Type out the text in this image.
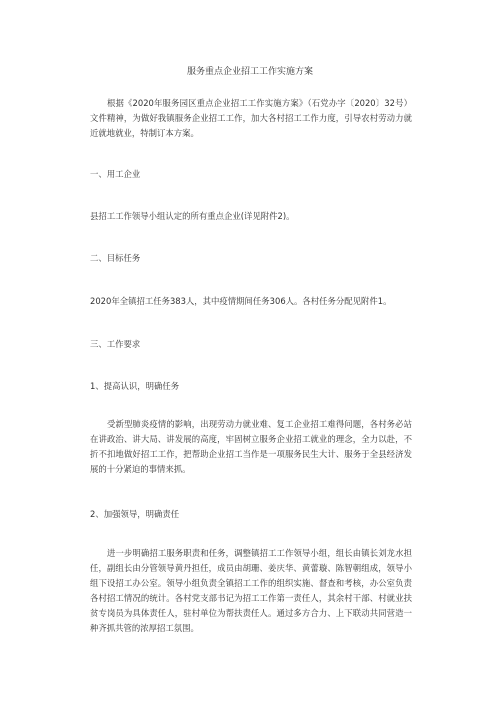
服务重点企业招工工作实施方案
根据《2020年服务园区重点企业招工工作实施方案》（石党办字〔2020〕32号）文件精神，为做好我镇服务企业招工工作，加大各村招工工作力度，引导农村劳动力就近就地就业，特制订本方案。
一、用工企业
县招工工作领导小组认定的所有重点企业(详见附件2)。
二、目标任务
2020年全镇招工任务383人，其中疫情期间任务306人。各村任务分配见附件1。
三、工作要求
1、提高认识，明确任务
受新型肺炎疫情的影响，出现劳动力就业难、复工企业招工难得问题，各村务必站在讲政治、讲大局、讲发展的高度，牢固树立服务企业招工就业的理念，全力以赴，不折不扣地做好招工工作，把帮助企业招工当作是一项服务民生大计、服务于全县经济发展的十分紧迫的事情来抓。
2、加强领导，明确责任
进一步明确招工服务职责和任务，调整镇招工工作领导小组，组长由镇长刘龙水担任，副组长由分管领导黄丹担任，成员由胡珊、姜庆华、黄蕾璇、陈智朝组成，领导小组下设招工办公室。领导小组负责全镇招工工作的组织实施、督查和考核，办公室负责各村招工情况的统计。各村党支部书记为招工工作第一责任人，其余村干部、村就业扶贫专岗员为具体责任人，驻村单位为帮扶责任人。通过多方合力、上下联动共同营造一种齐抓共管的浓厚招工氛围。
